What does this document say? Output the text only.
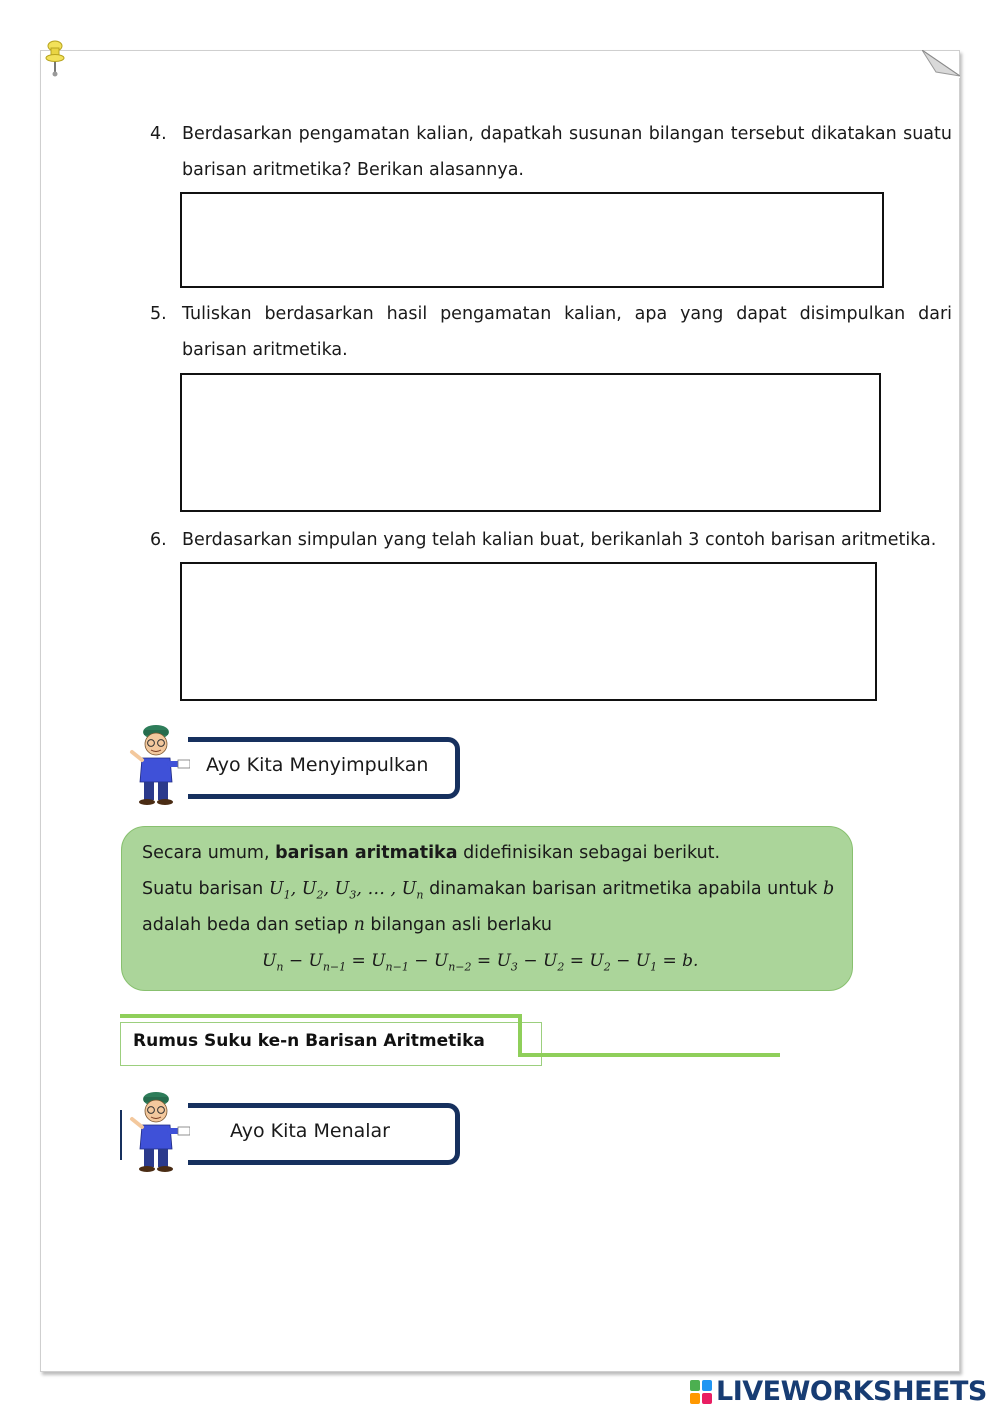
4. Berdasarkan pengamatan kalian, dapatkah susunan bilangan tersebut dikatakan suatu barisan aritmetika? Berikan alasannya.
5. Tuliskan berdasarkan hasil pengamatan kalian, apa yang dapat disimpulkan dari barisan aritmetika.
6. Berdasarkan simpulan yang telah kalian buat, berikanlah 3 contoh barisan aritmetika.
Ayo Kita Menyimpulkan
Secara umum, barisan aritmatika didefinisikan sebagai berikut.
Suatu barisan $U_1$, $U_2$, $U_3$, … , $U_n$ dinamakan barisan aritmetika apabila untuk b
adalah beda dan setiap n bilangan asli berlaku
$U_n - U_{n-1} = U_{n-1} - U_{n-2} = U_3 - U_2 = U_2 - U_1 = b$.
Rumus Suku ke-n Barisan Aritmetika
Ayo Kita Menalar
LIVEWORKSHEETS
